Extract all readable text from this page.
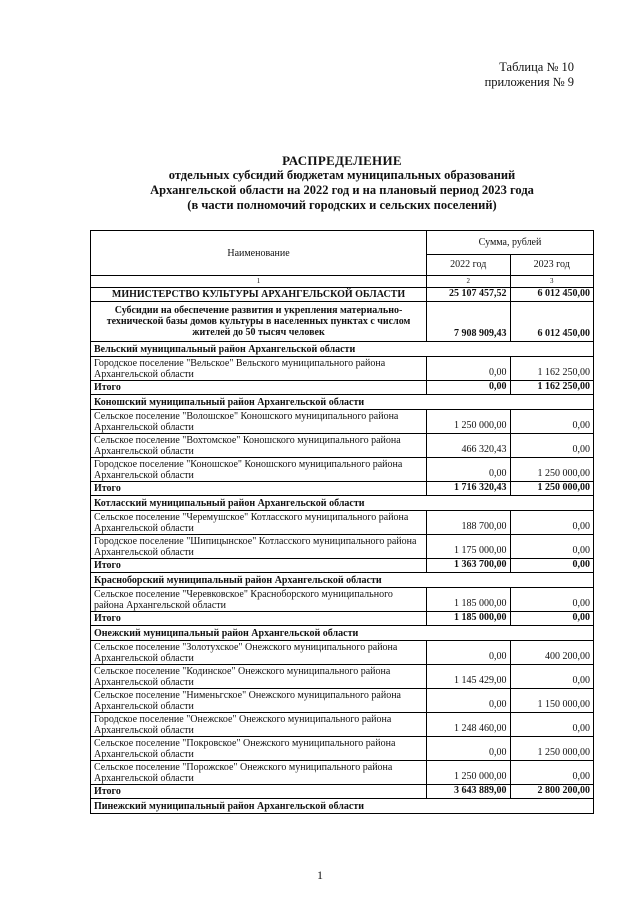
Таблица № 10
приложения № 9
РАСПРЕДЕЛЕНИЕ
отдельных субсидий бюджетам муниципальных образований
Архангельской области на 2022 год и на плановый период 2023 года
(в части полномочий городских и сельских поселений)
Наименование	Сумма, рублей	
	2022 год	2023 год
1	2	3
МИНИСТЕРСТВО КУЛЬТУРЫ АРХАНГЕЛЬСКОЙ ОБЛАСТИ	25 107 457,52	6 012 450,00
Субсидии на обеспечение развития и укрепления материально-технической базы домов культуры в населенных пунктах с числом жителей до 50 тысяч человек	7 908 909,43	6 012 450,00
Вельский муниципальный район Архангельской области		
Городское поселение "Вельское" Вельского муниципального района Архангельской области	0,00	1 162 250,00
Итого	0,00	1 162 250,00
Коношский муниципальный район Архангельской области		
Сельское поселение "Волошское" Коношского муниципального района Архангельской области	1 250 000,00	0,00
Сельское поселение "Вохтомское" Коношского муниципального района Архангельской области	466 320,43	0,00
Городское поселение "Коношское" Коношского муниципального района Архангельской области	0,00	1 250 000,00
Итого	1 716 320,43	1 250 000,00
Котласский муниципальный район Архангельской области		
Сельское поселение "Черемушское" Котласского муниципального района Архангельской области	188 700,00	0,00
Городское поселение "Шипицынское" Котласского муниципального района Архангельской области	1 175 000,00	0,00
Итого	1 363 700,00	0,00
Красноборский муниципальный район Архангельской области		
Сельское поселение "Черевковское" Красноборского муниципального района Архангельской области	1 185 000,00	0,00
Итого	1 185 000,00	0,00
Онежский муниципальный район Архангельской области		
Сельское поселение "Золотухское" Онежского муниципального района Архангельской области	0,00	400 200,00
Сельское поселение "Кодинское" Онежского муниципального района Архангельской области	1 145 429,00	0,00
Сельское поселение "Нименьгское" Онежского муниципального района Архангельской области	0,00	1 150 000,00
Городское поселение "Онежское" Онежского муниципального района Архангельской области	1 248 460,00	0,00
Сельское поселение "Покровское" Онежского муниципального района Архангельской области	0,00	1 250 000,00
Сельское поселение "Порожское" Онежского муниципального района Архангельской области	1 250 000,00	0,00
Итого	3 643 889,00	2 800 200,00
Пинежский муниципальный район Архангельской области		
1
